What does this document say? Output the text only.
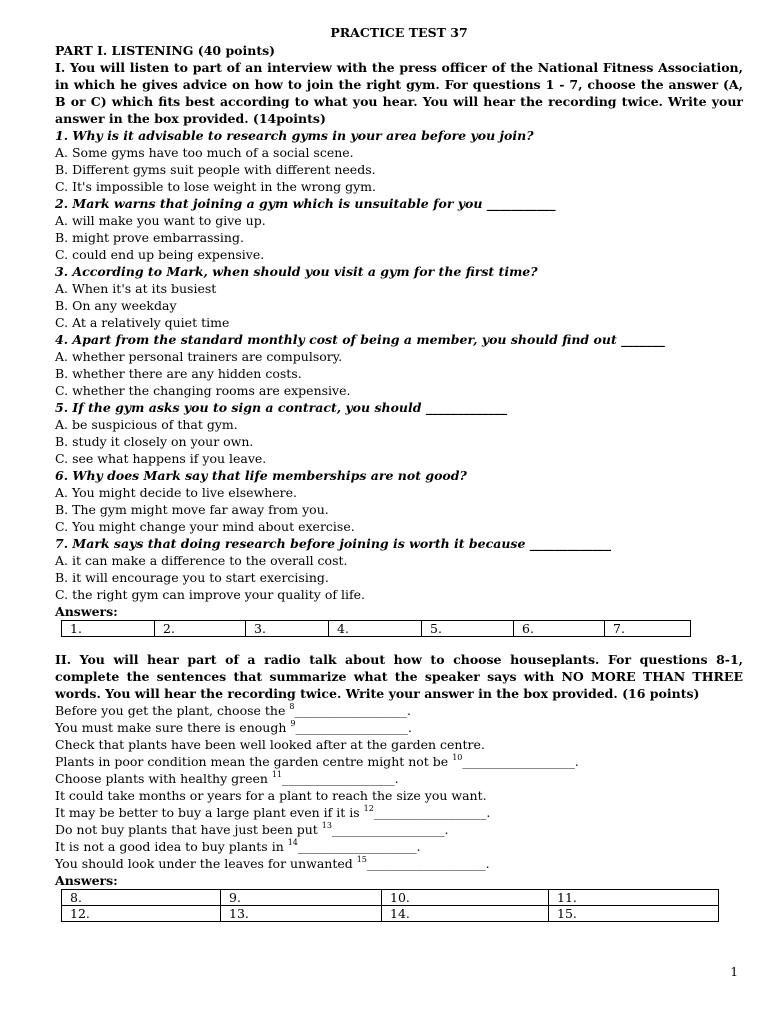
PRACTICE TEST 37
PART I. LISTENING (40 points)
I. You will listen to part of an interview with the press officer of the National Fitness Association, in which he gives advice on how to join the right gym. For questions 1 - 7, choose the answer (A, B or C) which fits best according to what you hear. You will hear the recording twice. Write your answer in the box provided. (14points)
1. Why is it advisable to research gyms in your area before you join?
A. Some gyms have too much of a social scene.
B. Different gyms suit people with different needs.
C. It's impossible to lose weight in the wrong gym.
2. Mark warns that joining a gym which is unsuitable for you ___________
A. will make you want to give up.
B. might prove embarrassing.
C. could end up being expensive.
3. According to Mark, when should you visit a gym for the first time?
A. When it's at its busiest
B. On any weekday
C. At a relatively quiet time
4. Apart from the standard monthly cost of being a member, you should find out _______
A. whether personal trainers are compulsory.
B. whether there are any hidden costs.
C. whether the changing rooms are expensive.
5. If the gym asks you to sign a contract, you should _____________
A. be suspicious of that gym.
B. study it closely on your own.
C. see what happens if you leave.
6. Why does Mark say that life memberships are not good?
A. You might decide to live elsewhere.
B. The gym might move far away from you.
C. You might change your mind about exercise.
7. Mark says that doing research before joining is worth it because _____________
A. it can make a difference to the overall cost.
B. it will encourage you to start exercising.
C. the right gym can improve your quality of life.
Answers:
1.	2.	3.	4.	5.	6.	7.
II. You will hear part of a radio talk about how to choose houseplants. For questions 8-1, complete the sentences that summarize what the speaker says with NO MORE THAN THREE words. You will hear the recording twice. Write your answer in the box provided. (16 points)
Before you get the plant, choose the $^8$__________________.
You must make sure there is enough $^9$__________________.
Check that plants have been well looked after at the garden centre.
Plants in poor condition mean the garden centre might not be $^{10}$__________________.
Choose plants with healthy green $^{11}$__________________.
It could take months or years for a plant to reach the size you want.
It may be better to buy a large plant even if it is $^{12}$__________________.
Do not buy plants that have just been put $^{13}$__________________.
It is not a good idea to buy plants in $^{14}$___________________.
You should look under the leaves for unwanted $^{15}$___________________.
Answers:
8.	9.	10.	11.
12.	13.	14.	15.
1
